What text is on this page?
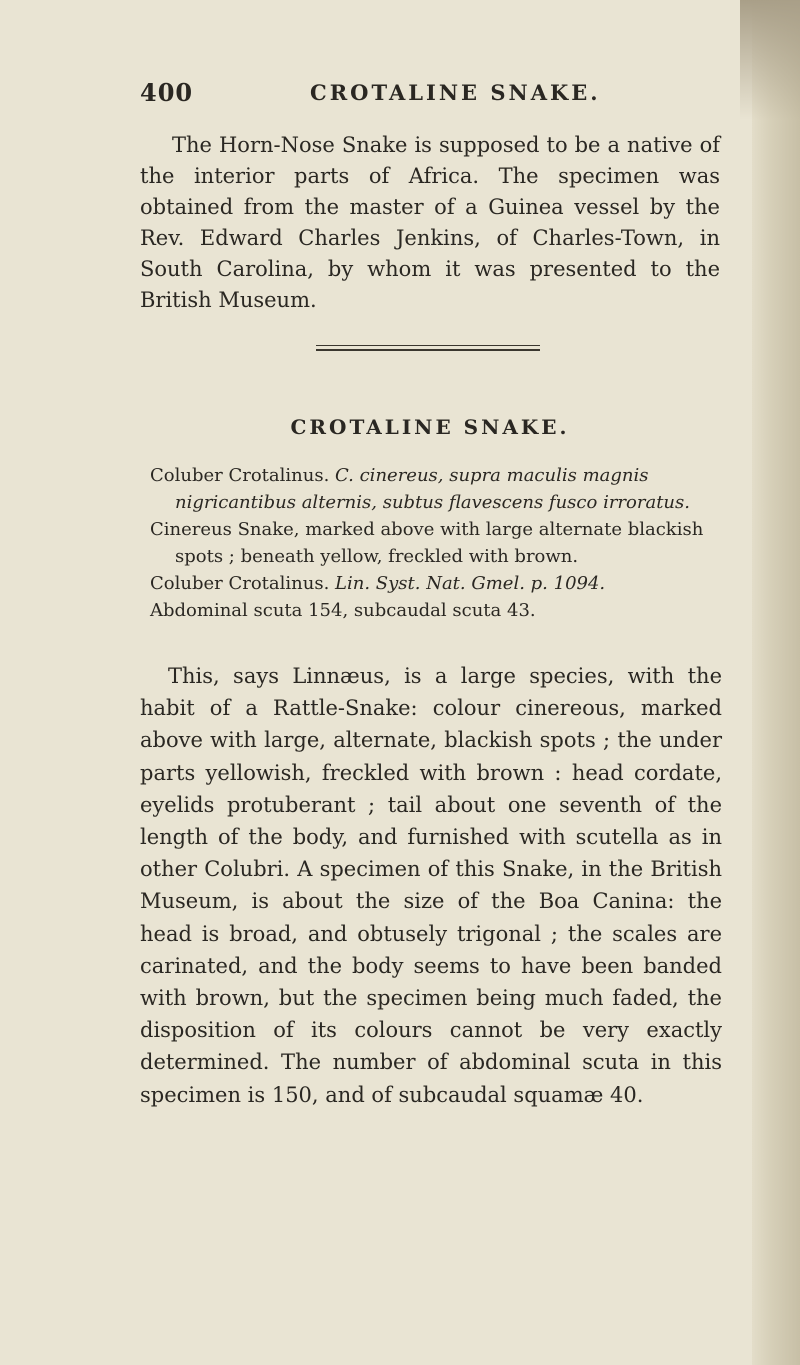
400	CROTALINE SNAKE.

The Horn-Nose Snake is supposed to be a native of the interior parts of Africa. The specimen was obtained from the master of a Guinea vessel by the Rev. Edward Charles Jenkins, of Charles-Town, in South Carolina, by whom it was presented to the British Museum.

CROTALINE SNAKE.

Coluber Crotalinus. C. cinereus, supra maculis magnis nigricantibus alternis, subtus flavescens fusco irroratus.

Cinereus Snake, marked above with large alternate blackish spots ; beneath yellow, freckled with brown.

Coluber Crotalinus. Lin. Syst. Nat. Gmel. p. 1094.

Abdominal scuta 154, subcaudal scuta 43.

This, says Linnæus, is a large species, with the habit of a Rattle-Snake: colour cinereous, marked above with large, alternate, blackish spots ; the under parts yellowish, freckled with brown : head cordate, eyelids protuberant ; tail about one seventh of the length of the body, and furnished with scutella as in other Colubri. A specimen of this Snake, in the British Museum, is about the size of the Boa Canina: the head is broad, and obtusely trigonal ; the scales are carinated, and the body seems to have been banded with brown, but the specimen being much faded, the disposition of its colours cannot be very exactly determined. The number of abdominal scuta in this specimen is 150, and of subcaudal squamæ 40.
